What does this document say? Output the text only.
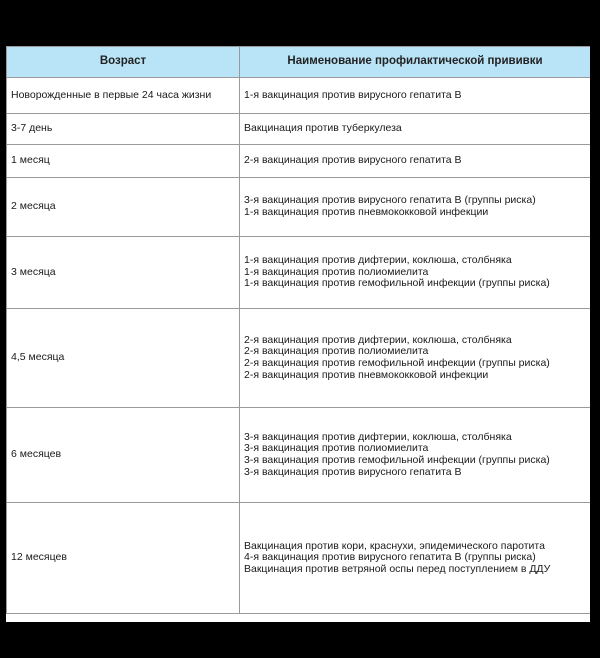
Возраст	Наименование профилактической прививки
Новорожденные в первые 24 часа жизни	1-я вакцинация против вирусного гепатита В

3-7 день	Вакцинация против туберкулеза

1 месяц	2-я вакцинация против вирусного гепатита В

2 месяца	3-я вакцинация против вирусного гепатита В (группы риска)
1-я вакцинация против пневмококковой инфекции

3 месяца	1-я вакцинация против дифтерии, коклюша, столбняка
1-я вакцинация против полиомиелита
1-я вакцинация против гемофильной инфекции (группы риска)

4,5 месяца	2-я вакцинация против дифтерии, коклюша, столбняка
2-я вакцинация против полиомиелита
2-я вакцинация против гемофильной инфекции (группы риска)
2-я вакцинация против пневмококковой инфекции

6 месяцев	3-я вакцинация против дифтерии, коклюша, столбняка
3-я вакцинация против полиомиелита
3-я вакцинация против гемофильной инфекции (группы риска)
3-я вакцинация против вирусного гепатита В

12 месяцев	Вакцинация против кори, краснухи, эпидемического паротита
4-я вакцинация против вирусного гепатита В (группы риска)
Вакцинация против ветряной оспы перед поступлением в ДДУ
